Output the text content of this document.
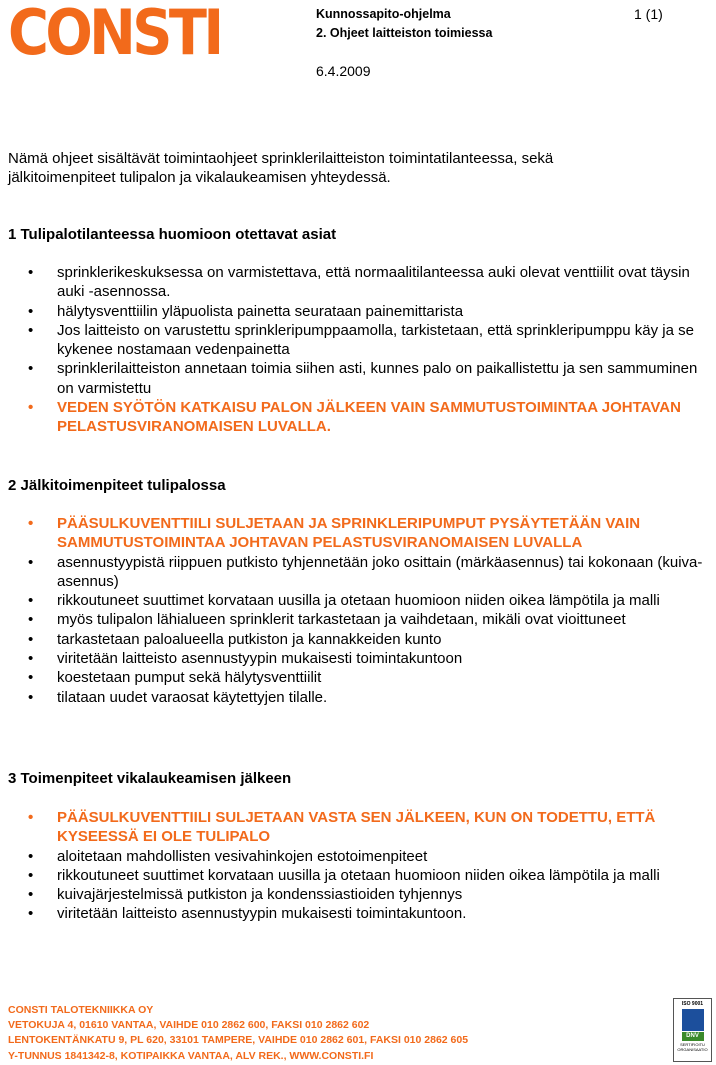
CONSTI	Kunnossapito-ohjelma
2. Ohjeet laitteiston toimiessa
1 (1)
6.4.2009
Nämä ohjeet sisältävät toimintaohjeet sprinklerilaitteiston toimintatilanteessa, sekä jälkitoimenpiteet tulipalon ja vikalaukeamisen yhteydessä.
1 Tulipalotilanteessa huomioon otettavat asiat
• sprinklerikeskuksessa on varmistettava, että normaalitilanteessa auki olevat venttiilit ovat täysin auki -asennossa.
• hälytysventtiilin yläpuolista painetta seurataan painemittarista
• Jos laitteisto on varustettu sprinkleripumppaamolla, tarkistetaan, että sprinkleripumppu käy ja se kykenee nostamaan vedenpainetta
• sprinklerilaitteiston annetaan toimia siihen asti, kunnes palo on paikallistettu ja sen sammuminen on varmistettu
• VEDEN SYÖTÖN KATKAISU PALON JÄLKEEN VAIN SAMMUTUSTOIMINTAA JOHTAVAN PELASTUSVIRANOMAISEN LUVALLA.
2 Jälkitoimenpiteet tulipalossa
• PÄÄSULKUVENTTIILI SULJETAAN JA SPRINKLERIPUMPUT PYSÄYTETÄÄN VAIN SAMMUTUSTOIMINTAA JOHTAVAN PELASTUSVIRANOMAISEN LUVALLA
• asennustyypistä riippuen putkisto tyhjennetään joko osittain (märkäasennus) tai kokonaan (kuiva-asennus)
• rikkoutuneet suuttimet korvataan uusilla ja otetaan huomioon niiden oikea lämpötila ja malli
• myös tulipalon lähialueen sprinklerit tarkastetaan ja vaihdetaan, mikäli ovat vioittuneet
• tarkastetaan paloalueella putkiston ja kannakkeiden kunto
• viritetään laitteisto asennustyypin mukaisesti toimintakuntoon
• koestetaan pumput sekä hälytysventtiilit
• tilataan uudet varaosat käytettyjen tilalle.
3 Toimenpiteet vikalaukeamisen jälkeen
• PÄÄSULKUVENTTIILI SULJETAAN VASTA SEN JÄLKEEN, KUN ON TODETTU, ETTÄ KYSEESSÄ EI OLE TULIPALO
• aloitetaan mahdollisten vesivahinkojen estotoimenpiteet
• rikkoutuneet suuttimet korvataan uusilla ja otetaan huomioon niiden oikea lämpötila ja malli
• kuivajärjestelmissä putkiston ja kondenssiastioiden tyhjennys
• viritetään laitteisto asennustyypin mukaisesti toimintakuntoon.
CONSTI TALOTEKNIIKKA OY
VETOKUJA 4, 01610 VANTAA, VAIHDE 010 2862 600, FAKSI 010 2862 602
LENTOKENTÄNKATU 9, PL 620, 33101 TAMPERE, VAIHDE 010 2862 601, FAKSI 010 2862 605
Y-TUNNUS 1841342-8, KOTIPAIKKA VANTAA, ALV REK., WWW.CONSTI.FI
ISO 9001
DNV
SERTIFIOITU ORGANISAATIO
